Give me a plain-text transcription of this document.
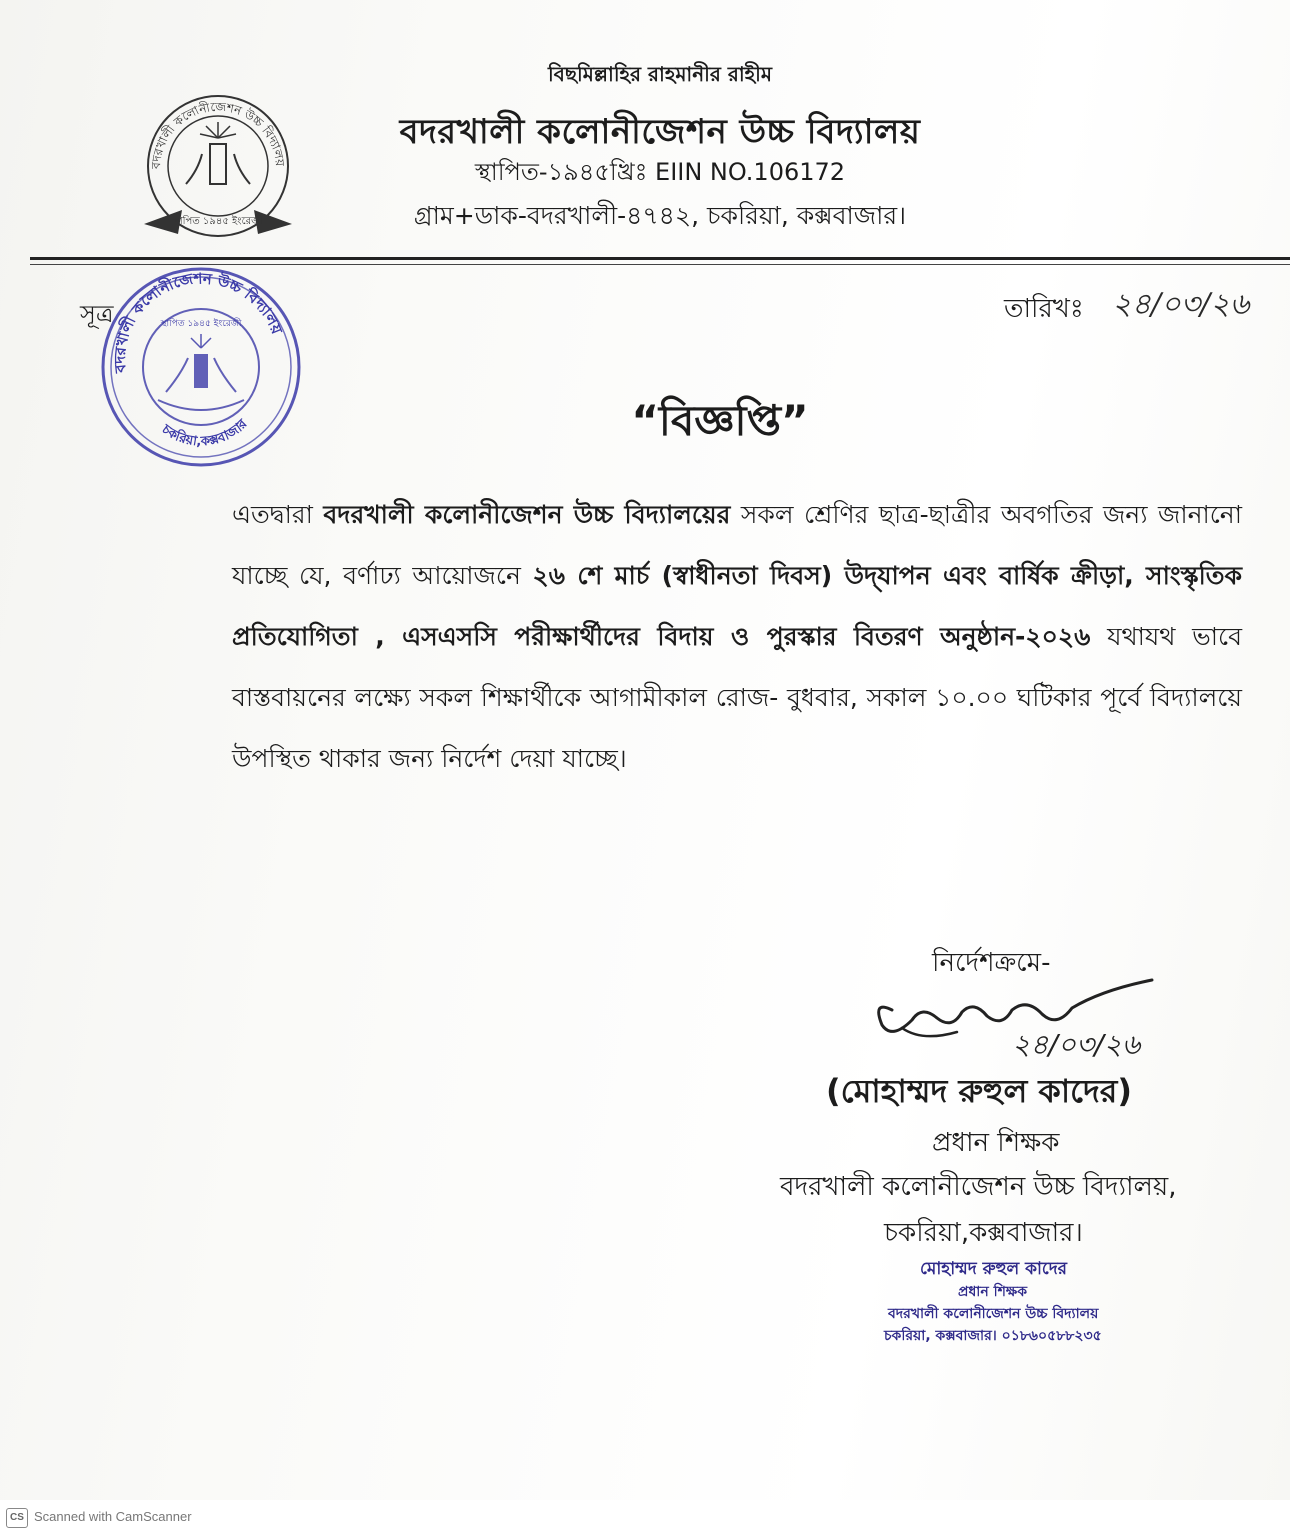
বদরখালী কলোনীজেশন উচ্চ বিদ্যালয়
স্থাপিত ১৯৪৫ ইংরেজী
বিছমিল্লাহির রাহমানীর রাহীম
বদরখালী কলোনীজেশন উচ্চ বিদ্যালয়
স্থাপিত-১৯৪৫খ্রিঃ EIIN NO.106172
গ্রাম+ডাক-বদরখালী-৪৭৪২, চকরিয়া, কক্সবাজার।
সূত্র
বদরখালী কলোনীজেশন উচ্চ বিদ্যালয়
চকরিয়া,কক্সবাজার
স্থাপিত ১৯৪৫ ইংরেজী	তারিখঃ ২৪/০৩/২৬
“বিজ্ঞপ্তি”
এতদ্বারা বদরখালী কলোনীজেশন উচ্চ বিদ্যালয়ের সকল শ্রেণির ছাত্র-ছাত্রীর অবগতির জন্য জানানো যাচ্ছে যে, বর্ণাঢ্য আয়োজনে ২৬ শে মার্চ (স্বাধীনতা দিবস) উদ্‌যাপন এবং বার্ষিক ক্রীড়া, সাংস্কৃতিক প্রতিযোগিতা , এসএসসি পরীক্ষার্থীদের বিদায় ও পুরস্কার বিতরণ অনুষ্ঠান-২০২৬ যথাযথ ভাবে বাস্তবায়নের লক্ষ্যে সকল শিক্ষার্থীকে আগামীকাল রোজ- বুধবার, সকাল ১০.০০ ঘটিকার পূর্বে বিদ্যালয়ে উপস্থিত থাকার জন্য নির্দেশ দেয়া যাচ্ছে।
নির্দেশক্রমে-
২৪/০৩/২৬
(মোহাম্মদ রুহুল কাদের)
প্রধান শিক্ষক
বদরখালী কলোনীজেশন উচ্চ বিদ্যালয়,
চকরিয়া,কক্সবাজার।
মোহাম্মদ রুহুল কাদের
প্রধান শিক্ষক
বদরখালী কলোনীজেশন উচ্চ বিদ্যালয়
চকরিয়া, কক্সবাজার। ০১৮৬০৫৮৮২৩৫
CS Scanned with CamScanner
